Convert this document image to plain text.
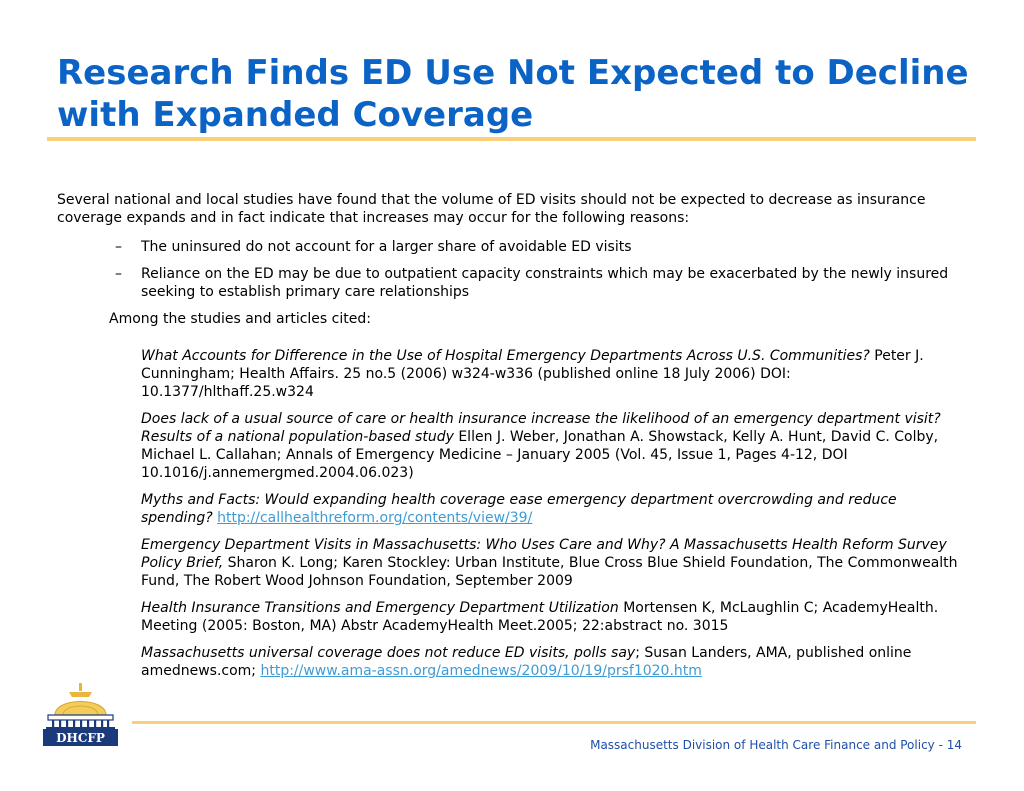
Research Finds ED Use Not Expected to Decline with Expanded Coverage

Several national and local studies have found that the volume of ED visits should not be expected to decrease as insurance coverage expands and in fact indicate that increases may occur for the following reasons:

– The uninsured do not account for a larger share of avoidable ED visits
– Reliance on the ED may be due to outpatient capacity constraints which may be exacerbated by the newly insured seeking to establish primary care relationships

Among the studies and articles cited:

What Accounts for Difference in the Use of Hospital Emergency Departments Across U.S. Communities? Peter J. Cunningham; Health Affairs. 25 no.5 (2006) w324-w336 (published online 18 July 2006) DOI: 10.1377/hlthaff.25.w324

Does lack of a usual source of care or health insurance increase the likelihood of an emergency department visit? Results of a national population-based study Ellen J. Weber, Jonathan A. Showstack, Kelly A. Hunt, David C. Colby, Michael L. Callahan; Annals of Emergency Medicine – January 2005 (Vol. 45, Issue 1, Pages 4-12, DOI 10.1016/j.annemergmed.2004.06.023)

Myths and Facts: Would expanding health coverage ease emergency department overcrowding and reduce spending? http://callhealthreform.org/contents/view/39/

Emergency Department Visits in Massachusetts: Who Uses Care and Why? A Massachusetts Health Reform Survey Policy Brief, Sharon K. Long; Karen Stockley: Urban Institute, Blue Cross Blue Shield Foundation, The Commonwealth Fund, The Robert Wood Johnson Foundation, September 2009

Health Insurance Transitions and Emergency Department Utilization Mortensen K, McLaughlin C; AcademyHealth. Meeting (2005: Boston, MA) Abstr AcademyHealth Meet.2005; 22:abstract no. 3015

Massachusetts universal coverage does not reduce ED visits, polls say; Susan Landers, AMA, published online amednews.com; http://www.ama-assn.org/amednews/2009/10/19/prsf1020.htm

DHCFP	Massachusetts Division of Health Care Finance and Policy - 14
